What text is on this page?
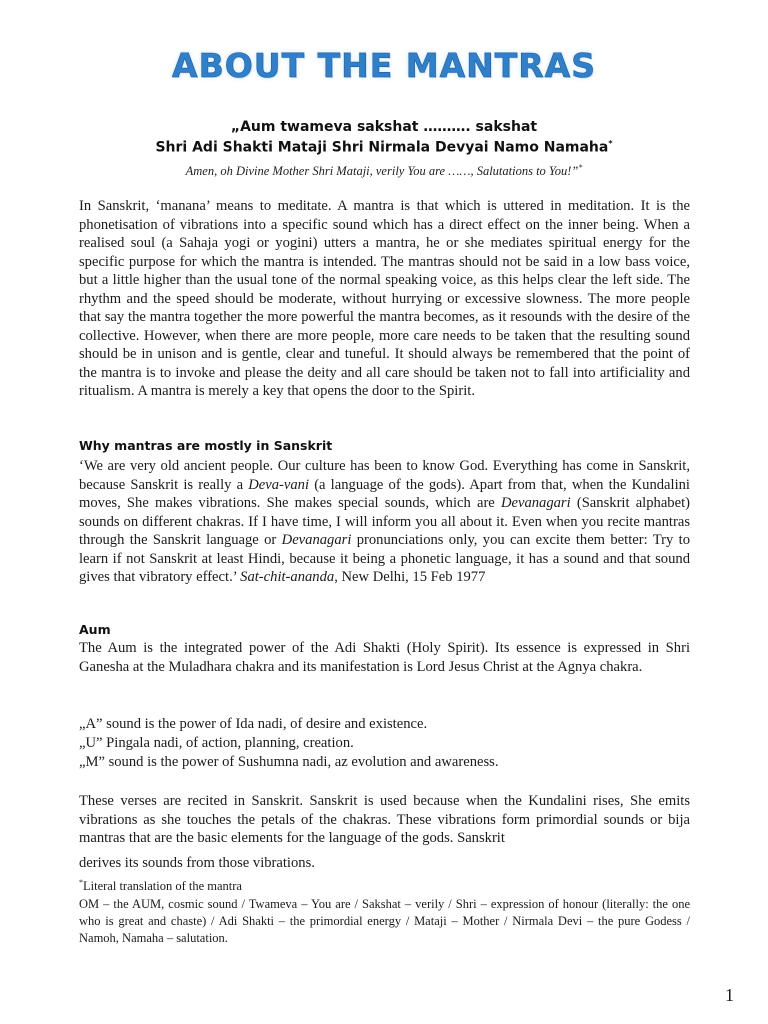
ABOUT THE MANTRAS
„Aum twameva sakshat ………. sakshat
Shri Adi Shakti Mataji Shri Nirmala Devyai Namo Namaha*
Amen, oh Divine Mother Shri Mataji, verily You are ……, Salutations to You!”*

In Sanskrit, ‘manana’ means to meditate. A mantra is that which is uttered in meditation. It is the phonetisation of vibrations into a specific sound which has a direct effect on the inner being. When a realised soul (a Sahaja yogi or yogini) utters a mantra, he or she mediates spiritual energy for the specific purpose for which the mantra is intended. The mantras should not be said in a low bass voice, but a little higher than the usual tone of the normal speaking voice, as this helps clear the left side. The rhythm and the speed should be moderate, without hurrying or excessive slowness. The more people that say the mantra together the more powerful the mantra becomes, as it resounds with the desire of the collective. However, when there are more people, more care needs to be taken that the resulting sound should be in unison and is gentle, clear and tuneful. It should always be remembered that the point of the mantra is to invoke and please the deity and all care should be taken not to fall into artificiality and ritualism. A mantra is merely a key that opens the door to the Spirit.

Why mantras are mostly in Sanskrit

‘We are very old ancient people. Our culture has been to know God. Everything has come in Sanskrit, because Sanskrit is really a Deva-vani (a language of the gods). Apart from that, when the Kundalini moves, She makes vibrations. She makes special sounds, which are Devanagari (Sanskrit alphabet) sounds on different chakras. If I have time, I will inform you all about it. Even when you recite mantras through the Sanskrit language or Devanagari pronunciations only, you can excite them better: Try to learn if not Sanskrit at least Hindi, because it being a phonetic language, it has a sound and that sound gives that vibratory effect.’ Sat-chit-ananda, New Delhi, 15 Feb 1977

Aum

The Aum is the integrated power of the Adi Shakti (Holy Spirit). Its essence is expressed in Shri Ganesha at the Muladhara chakra and its manifestation is Lord Jesus Christ at the Agnya chakra.

„A” sound is the power of Ida nadi, of desire and existence.
„U” Pingala nadi, of action, planning, creation.
„M” sound is the power of Sushumna nadi, az evolution and awareness.

These verses are recited in Sanskrit. Sanskrit is used because when the Kundalini rises, She emits vibrations as she touches the petals of the chakras. These vibrations form primordial sounds or bija mantras that are the basic elements for the language of the gods. Sanskrit
derives its sounds from those vibrations.

*Literal translation of the mantra

OM – the AUM, cosmic sound / Twameva – You are / Sakshat – verily / Shri – expression of honour (literally: the one who is great and chaste) / Adi Shakti – the primordial energy / Mataji – Mother / Nirmala Devi – the pure Godess / Namoh, Namaha – salutation.

1
